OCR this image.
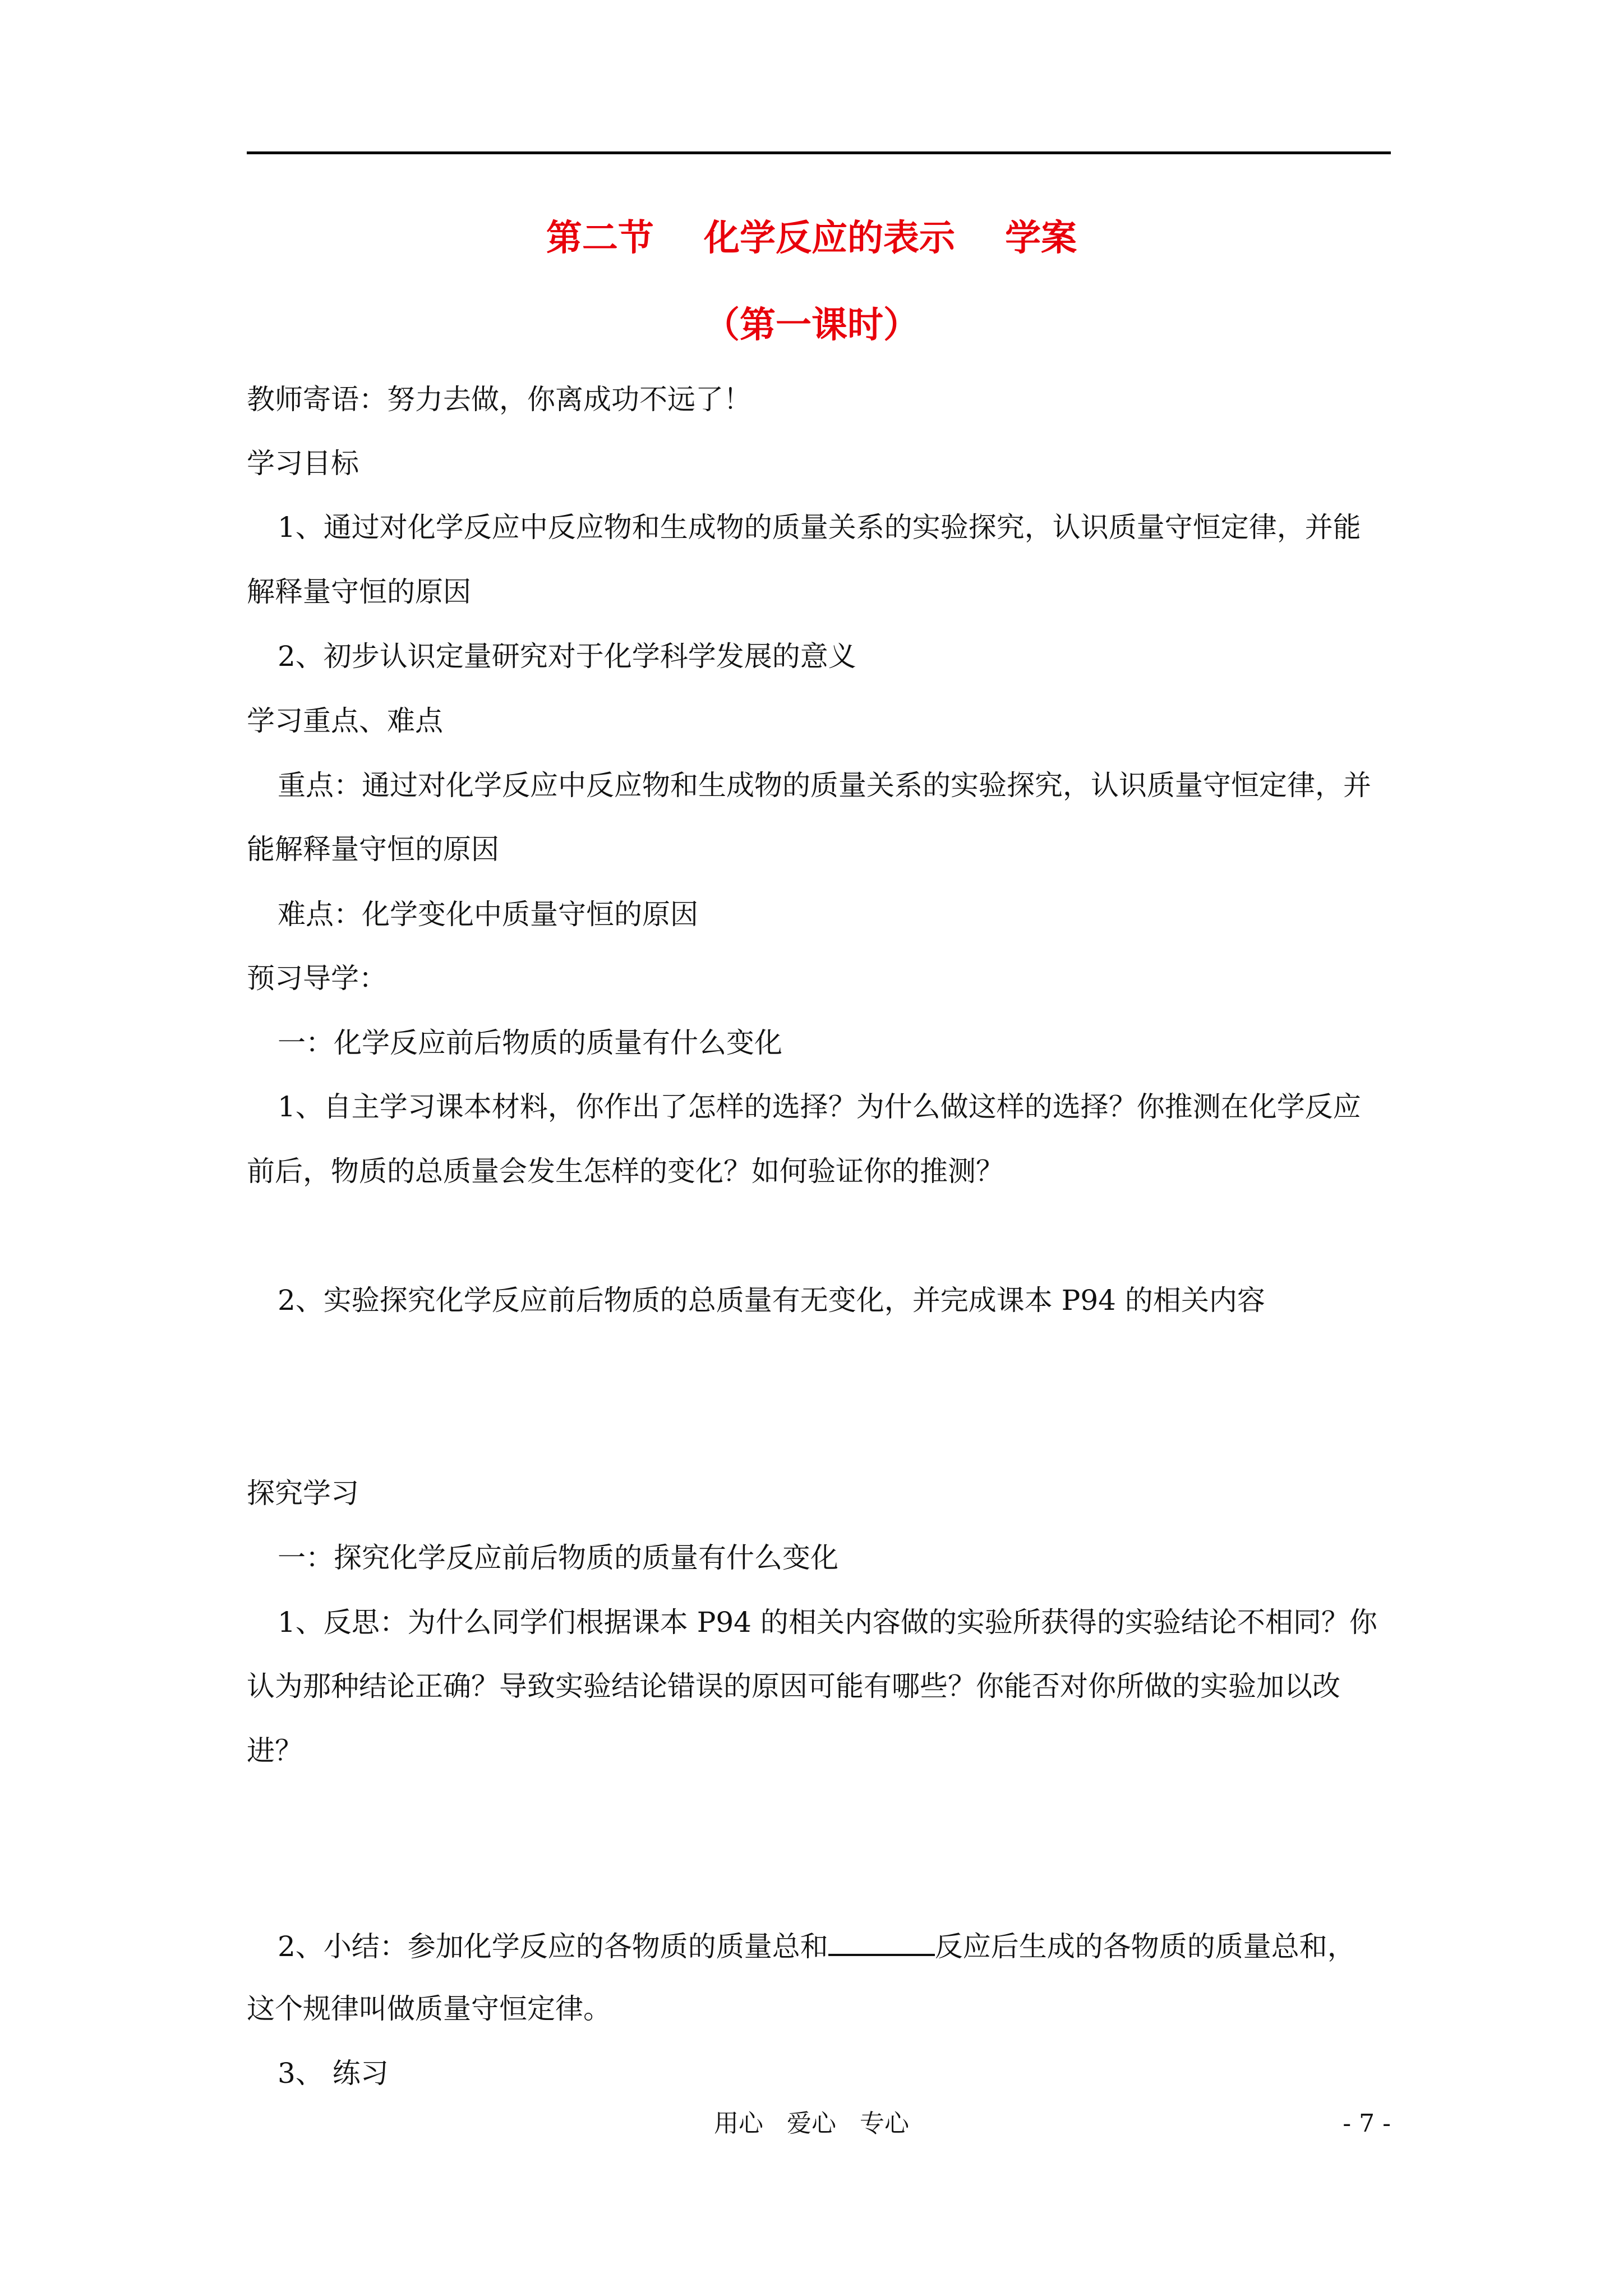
第二节    化学反应的表示    学案
（第一课时）
教师寄语：努力去做，你离成功不远了！
学习目标
1、通过对化学反应中反应物和生成物的质量关系的实验探究，认识质量守恒定律，并能
解释量守恒的原因
2、初步认识定量研究对于化学科学发展的意义
学习重点、难点
重点：通过对化学反应中反应物和生成物的质量关系的实验探究，认识质量守恒定律，并
能解释量守恒的原因
难点：化学变化中质量守恒的原因
预习导学：
一：化学反应前后物质的质量有什么变化
1、自主学习课本材料，你作出了怎样的选择？为什么做这样的选择？你推测在化学反应
前后，物质的总质量会发生怎样的变化？如何验证你的推测？
2、实验探究化学反应前后物质的总质量有无变化，并完成课本 P94 的相关内容
探究学习
一：探究化学反应前后物质的质量有什么变化
1、反思：为什么同学们根据课本 P94 的相关内容做的实验所获得的实验结论不相同？你
认为那种结论正确？导致实验结论错误的原因可能有哪些？你能否对你所做的实验加以改
进？
2、小结：参加化学反应的各物质的质量总和	反应后生成的各物质的质量总和，
这个规律叫做质量守恒定律。
3、 练习
用心   爱心   专心	- 7 -
